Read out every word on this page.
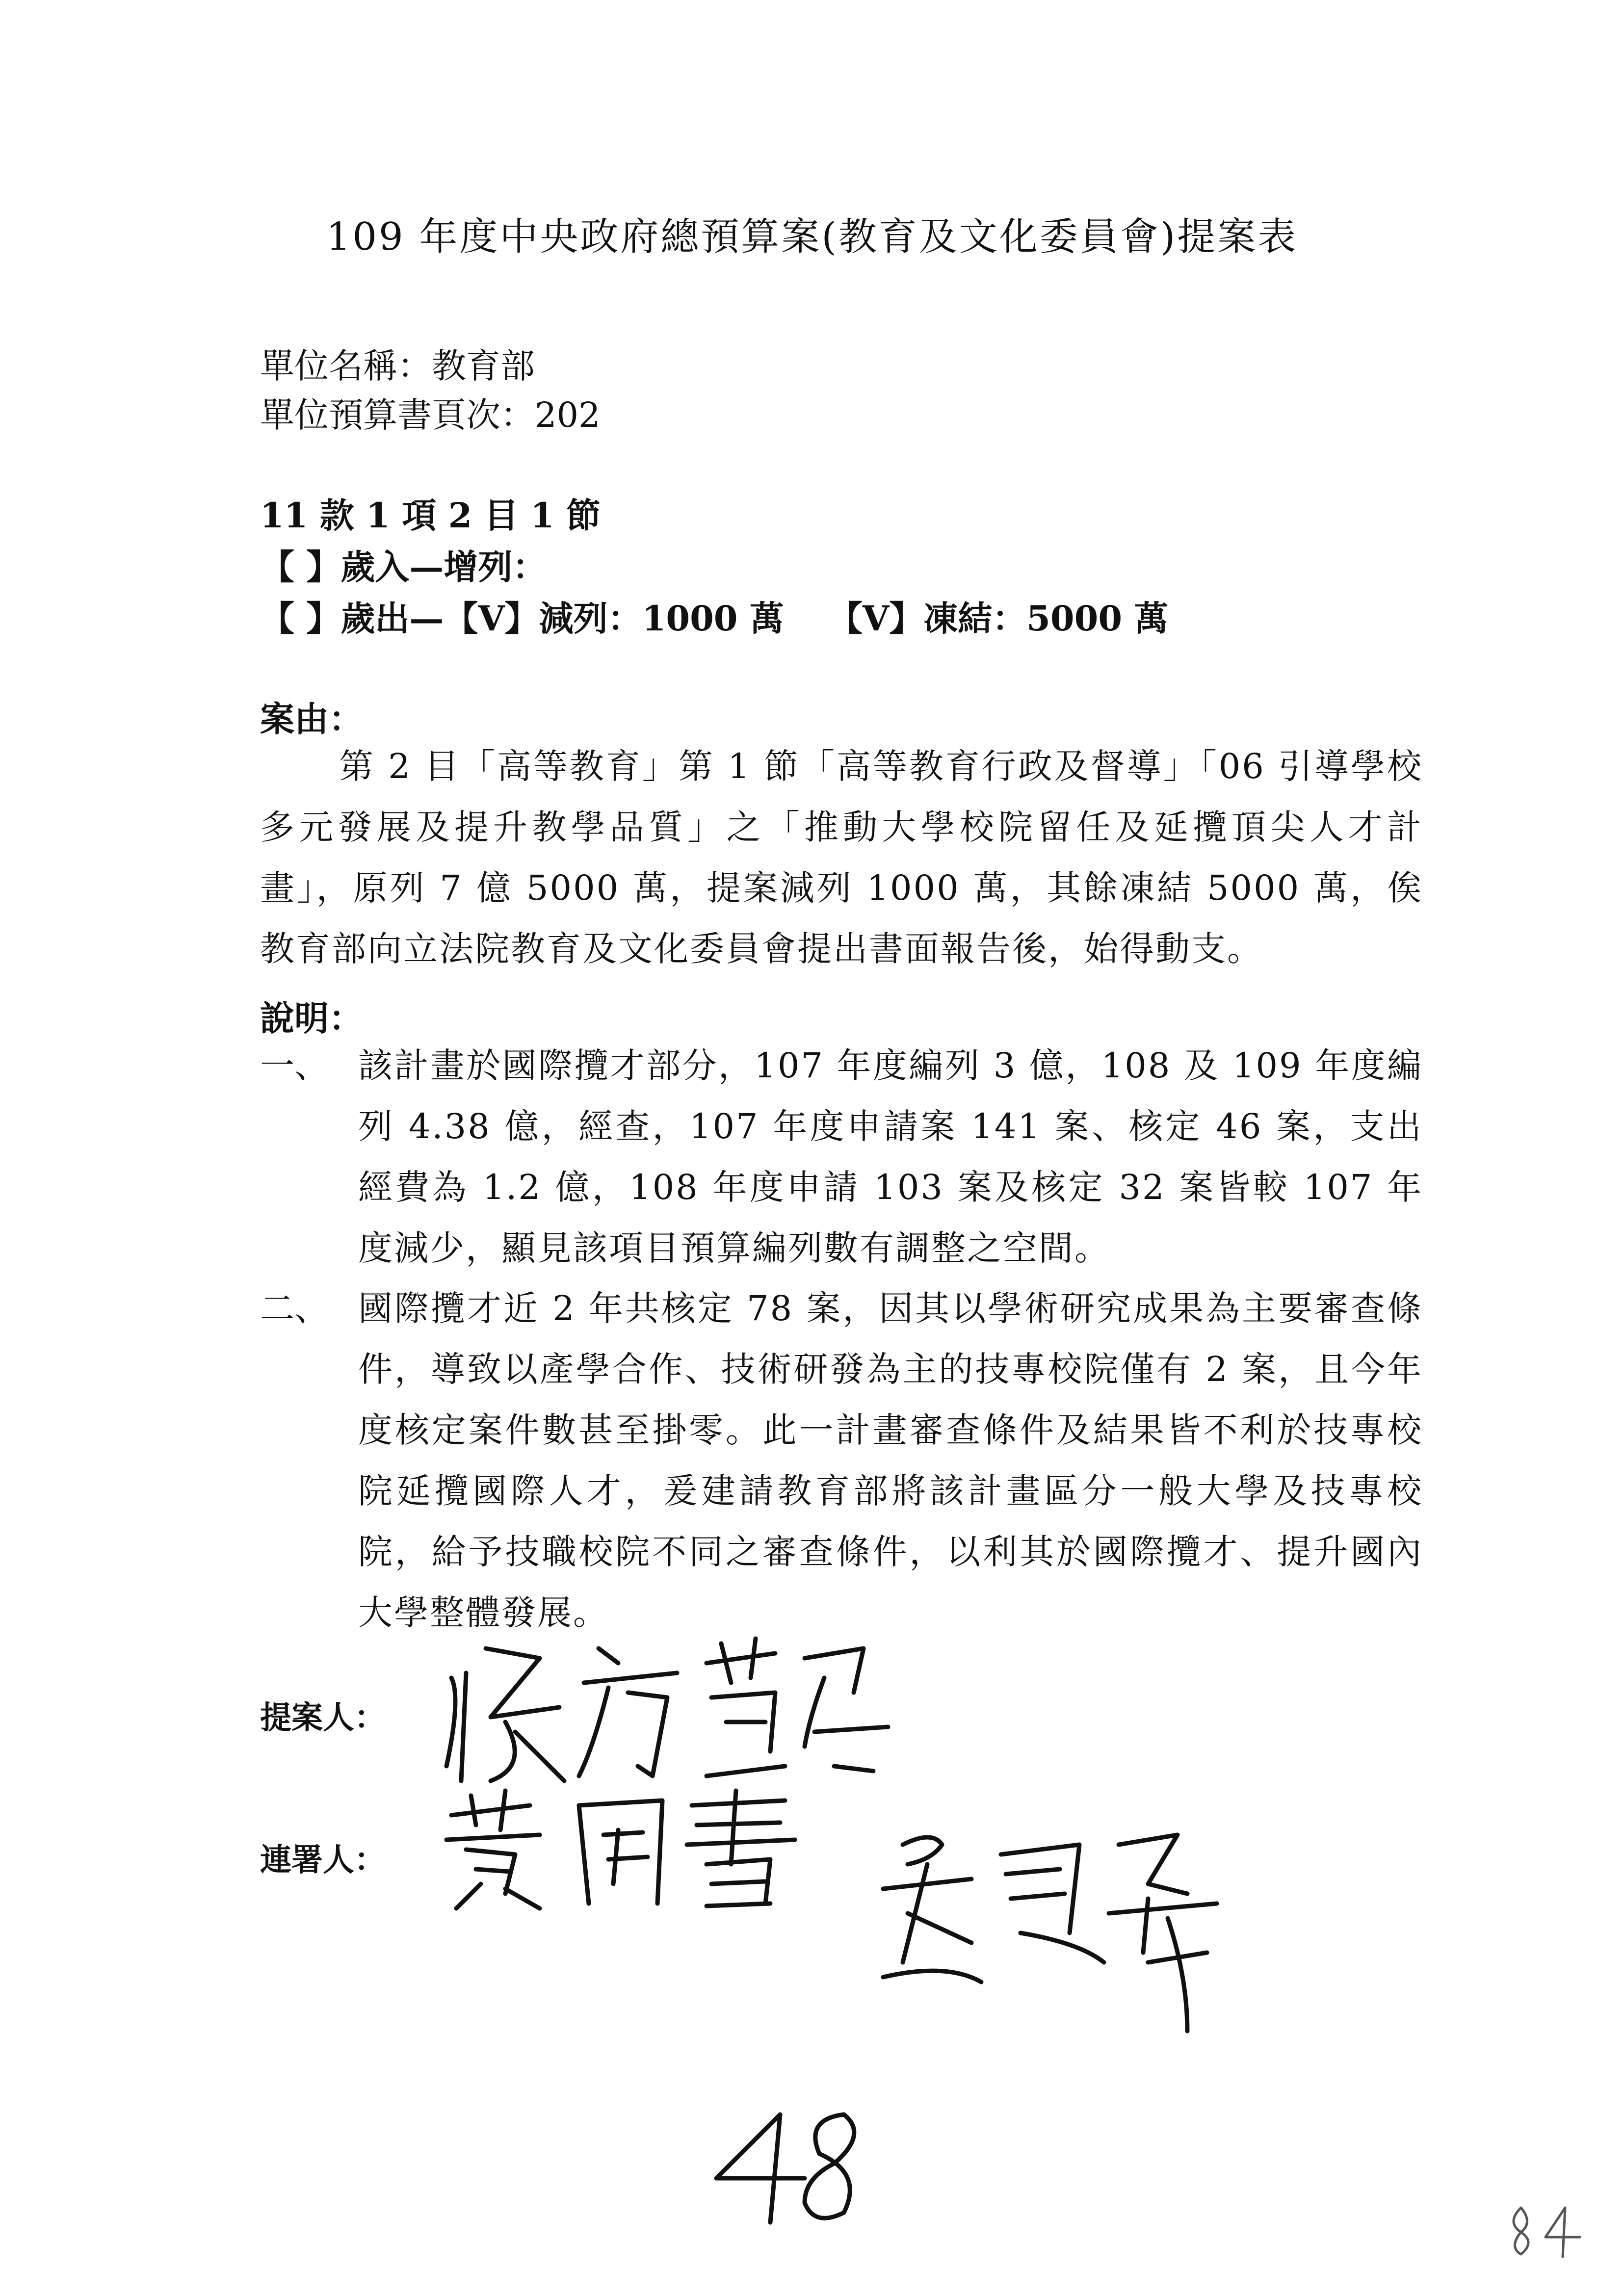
109 年度中央政府總預算案(教育及文化委員會)提案表
單位名稱：教育部
單位預算書頁次：202
11 款 1 項 2 目 1 節
【 】歲入—增列：
【 】歲出—【V】減列：1000 萬 【V】凍結：5000 萬
案由：
第 2 目「高等教育」第 1 節「高等教育行政及督導」「06 引導學校多元發展及提升教學品質」之「推動大學校院留任及延攬頂尖人才計畫」，原列 7 億 5000 萬，提案減列 1000 萬，其餘凍結 5000 萬，俟教育部向立法院教育及文化委員會提出書面報告後，始得動支。
說明：
一、 該計畫於國際攬才部分，107 年度編列 3 億，108 及 109 年度編列 4.38 億，經查，107 年度申請案 141 案、核定 46 案，支出經費為 1.2 億，108 年度申請 103 案及核定 32 案皆較 107 年度減少，顯見該項目預算編列數有調整之空間。
二、 國際攬才近 2 年共核定 78 案，因其以學術研究成果為主要審查條件，導致以產學合作、技術研發為主的技專校院僅有 2 案，且今年度核定案件數甚至掛零。此一計畫審查條件及結果皆不利於技專校院延攬國際人才，爰建請教育部將該計畫區分一般大學及技專校院，給予技職校院不同之審查條件，以利其於國際攬才、提升國內大學整體發展。
提案人：
連署人：
